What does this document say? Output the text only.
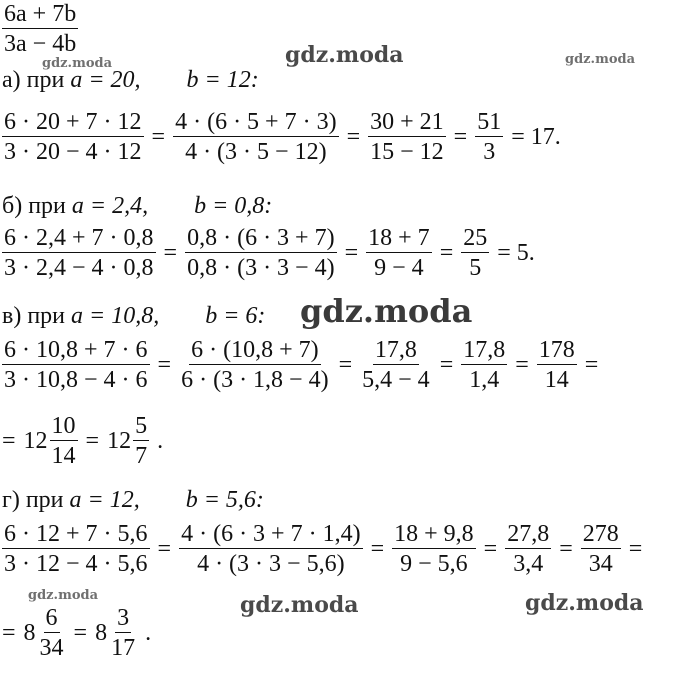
$\frac{6a + 7b}{3a - 4b}$
а) при a = 20, b = 12:
$\frac{6 \cdot 20 + 7 \cdot 12}{3 \cdot 20 - 4 \cdot 12} = \frac{4 \cdot (6 \cdot 5 + 7 \cdot 3)}{4 \cdot (3 \cdot 5 - 12)} = \frac{30 + 21}{15 - 12} = \frac{51}{3} = 17$.
б) при a = 2,4, b = 0,8:
$\frac{6 \cdot 2,4 + 7 \cdot 0,8}{3 \cdot 2,4 - 4 \cdot 0,8} = \frac{0,8 \cdot (6 \cdot 3 + 7)}{0,8 \cdot (3 \cdot 3 - 4)} = \frac{18 + 7}{9 - 4} = \frac{25}{5} = 5$.
в) при a = 10,8, b = 6:
$\frac{6 \cdot 10,8 + 7 \cdot 6}{3 \cdot 10,8 - 4 \cdot 6} = \frac{6 \cdot (10,8 + 7)}{6 \cdot (3 \cdot 1,8 - 4)} = \frac{17,8}{5,4 - 4} = \frac{17,8}{1,4} = \frac{178}{14}$ =
= $12 \frac{10}{14} = 12 \frac{5}{7}$ .
г) при a = 12, b = 5,6:
$\frac{6 \cdot 12 + 7 \cdot 5,6}{3 \cdot 12 - 4 \cdot 5,6} = \frac{4 \cdot (6 \cdot 3 + 7 \cdot 1,4)}{4 \cdot (3 \cdot 3 - 5,6)} = \frac{18 + 9,8}{9 - 5,6} = \frac{27,8}{3,4} = \frac{278}{34}$ =
= $8 \frac{6}{34} = 8 \frac{3}{17}$ .
gdz.moda	gdz.moda	gdz.moda
gdz.moda
gdz.moda	gdz.moda	gdz.moda
